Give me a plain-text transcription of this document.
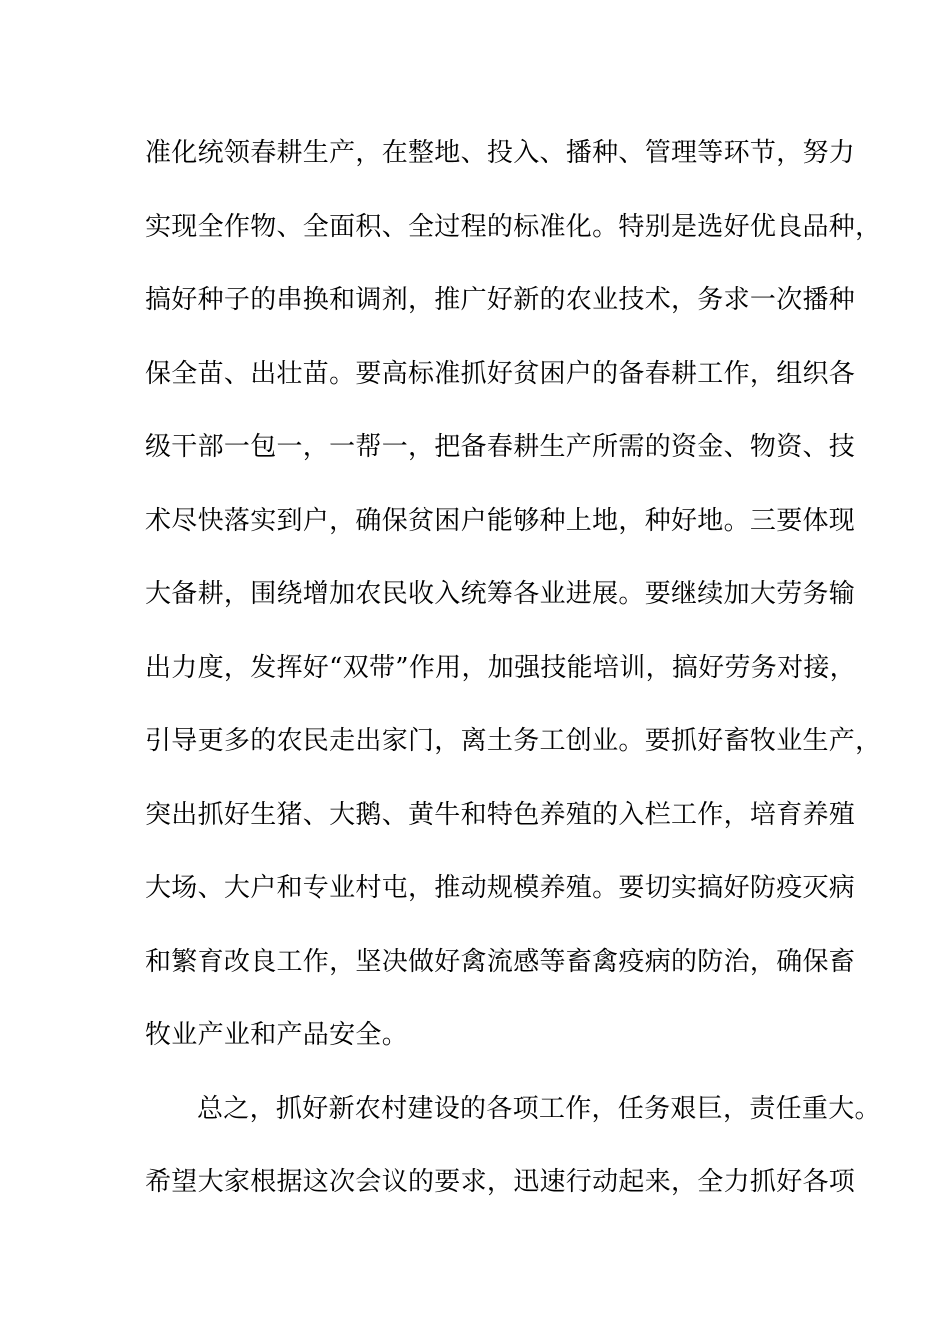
准化统领春耕生产，在整地、投入、播种、管理等环节，努力
实现全作物、全面积、全过程的标准化。特别是选好优良品种，
搞好种子的串换和调剂，推广好新的农业技术，务求一次播种
保全苗、出壮苗。要高标准抓好贫困户的备春耕工作，组织各
级干部一包一，一帮一，把备春耕生产所需的资金、物资、技
术尽快落实到户，确保贫困户能够种上地，种好地。三要体现
大备耕，围绕增加农民收入统筹各业进展。要继续加大劳务输
出力度，发挥好“双带”作用，加强技能培训，搞好劳务对接，
引导更多的农民走出家门，离土务工创业。要抓好畜牧业生产，
突出抓好生猪、大鹅、黄牛和特色养殖的入栏工作，培育养殖
大场、大户和专业村屯，推动规模养殖。要切实搞好防疫灭病
和繁育改良工作，坚决做好禽流感等畜禽疫病的防治，确保畜
牧业产业和产品安全。
总之，抓好新农村建设的各项工作，任务艰巨，责任重大。
希望大家根据这次会议的要求，迅速行动起来，全力抓好各项
